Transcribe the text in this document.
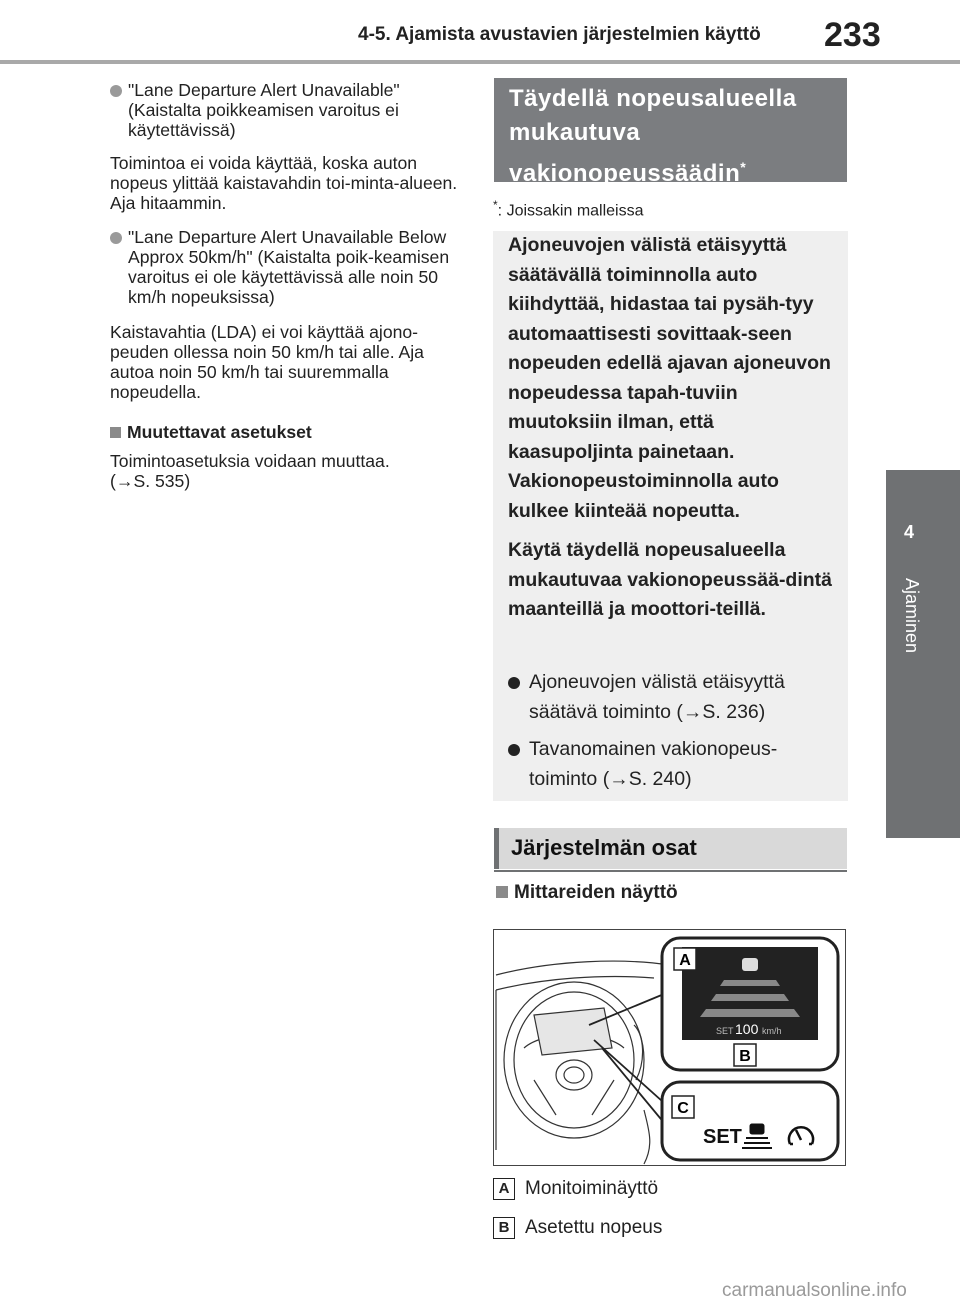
4-5. Ajamista avustavien järjestelmien käyttö 233
4
Ajaminen
"Lane Departure Alert Unavailable" (Kaistalta poikkeamisen varoitus ei käytettävissä)
Toimintoa ei voida käyttää, koska auton nopeus ylittää kaistavahdin toi-minta-alueen. Aja hitaammin.
"Lane Departure Alert Unavailable Below Approx 50km/h" (Kaistalta poik-keamisen varoitus ei ole käytettävissä alle noin 50 km/h nopeuksissa)
Kaistavahtia (LDA) ei voi käyttää ajono-peuden ollessa noin 50 km/h tai alle. Aja autoa noin 50 km/h tai suuremmalla nopeudella.
Muutettavat asetukset
Toimintoasetuksia voidaan muuttaa.
(→S. 535)
Täydellä nopeusalueella mukautuva vakionopeussäädin*
*: Joissakin malleissa
Ajoneuvojen välistä etäisyyttä säätävällä toiminnolla auto kiihdyttää, hidastaa tai pysäh-tyy automaattisesti sovittaak-seen nopeuden edellä ajavan ajoneuvon nopeudessa tapah-tuviin muutoksiin ilman, että kaasupoljinta painetaan. Vakionopeustoiminnolla auto kulkee kiinteää nopeutta.
Käytä täydellä nopeusalueella mukautuvaa vakionopeussää-dintä maanteillä ja moottori-teillä.
Ajoneuvojen välistä etäisyyttä säätävä toiminto (→S. 236)
Tavanomainen vakionopeus-toiminto (→S. 240)
Järjestelmän osat
Mittareiden näyttö
SET 100 km/h
A
B
C
SET
A Monitoiminäyttö
B Asetettu nopeus
carmanualsonline.info
